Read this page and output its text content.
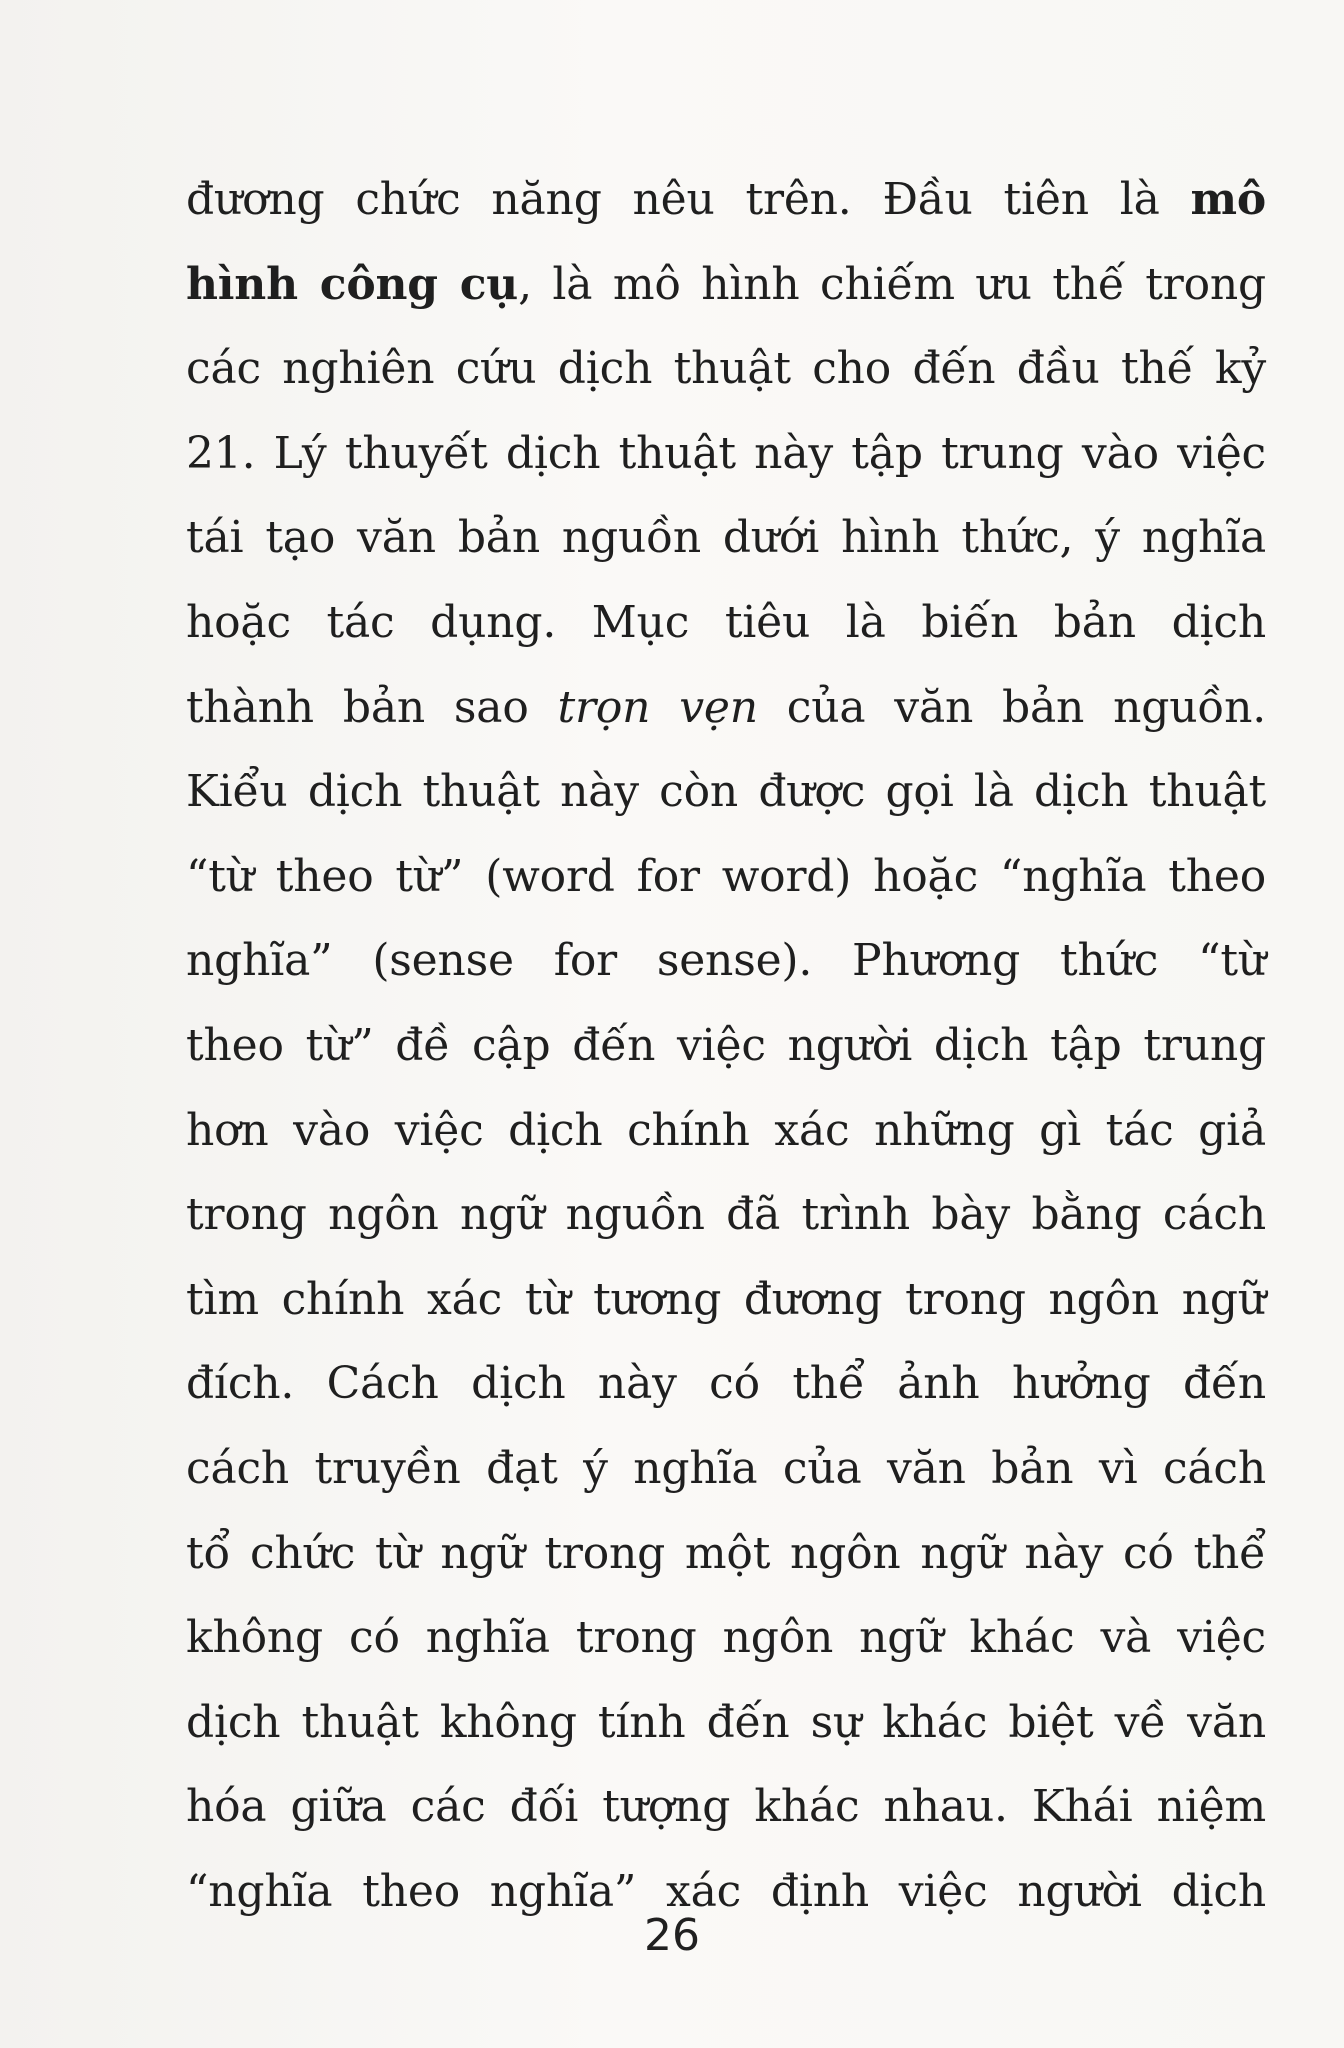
đương chức năng nêu trên. Đầu tiên là mô
hình công cụ, là mô hình chiếm ưu thế trong
các nghiên cứu dịch thuật cho đến đầu thế kỷ
21. Lý thuyết dịch thuật này tập trung vào việc
tái tạo văn bản nguồn dưới hình thức, ý nghĩa
hoặc tác dụng. Mục tiêu là biến bản dịch
thành bản sao trọn vẹn của văn bản nguồn.
Kiểu dịch thuật này còn được gọi là dịch thuật
“từ theo từ” (word for word) hoặc “nghĩa theo
nghĩa” (sense for sense). Phương thức “từ
theo từ” đề cập đến việc người dịch tập trung
hơn vào việc dịch chính xác những gì tác giả
trong ngôn ngữ nguồn đã trình bày bằng cách
tìm chính xác từ tương đương trong ngôn ngữ
đích. Cách dịch này có thể ảnh hưởng đến
cách truyền đạt ý nghĩa của văn bản vì cách
tổ chức từ ngữ trong một ngôn ngữ này có thể
không có nghĩa trong ngôn ngữ khác và việc
dịch thuật không tính đến sự khác biệt về văn
hóa giữa các đối tượng khác nhau. Khái niệm
“nghĩa theo nghĩa” xác định việc người dịch
26
